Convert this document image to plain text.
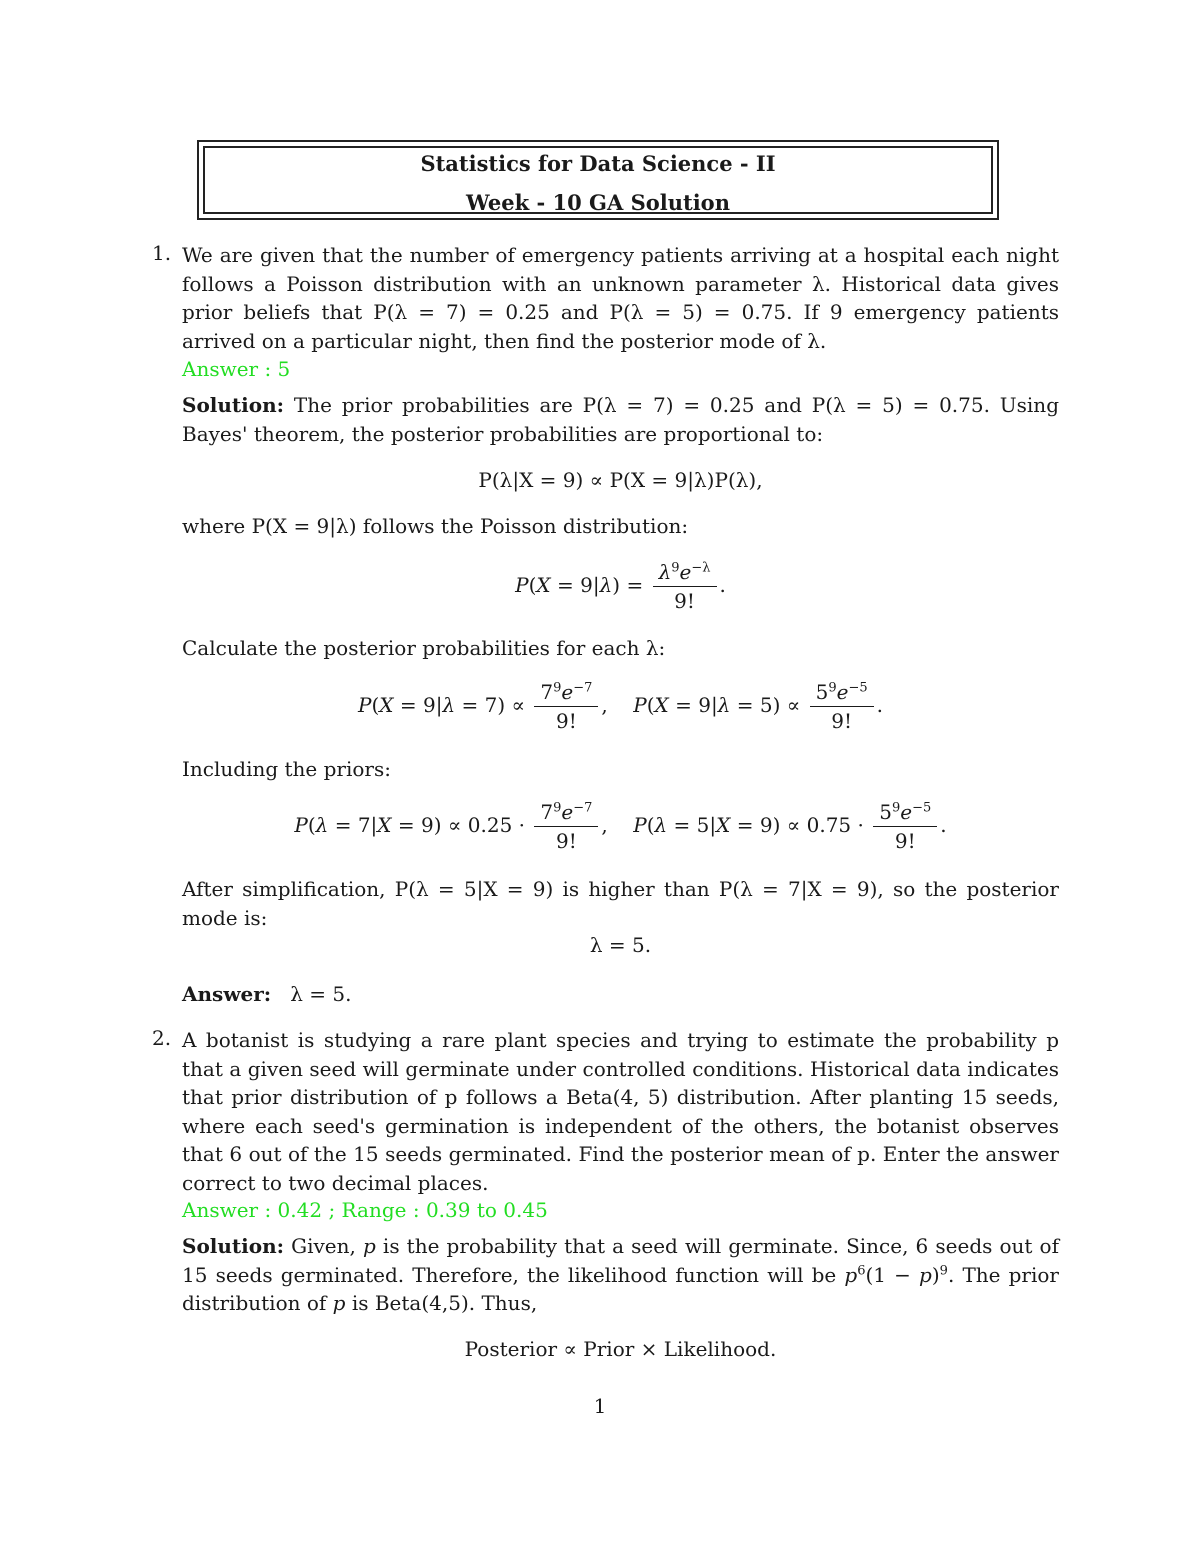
Statistics for Data Science - II
Week - 10 GA Solution
1. We are given that the number of emergency patients arriving at a hospital each night follows a Poisson distribution with an unknown parameter λ. Historical data gives prior beliefs that P(λ = 7) = 0.25 and P(λ = 5) = 0.75. If 9 emergency patients arrived on a particular night, then find the posterior mode of λ.
Answer : 5
Solution: The prior probabilities are P(λ = 7) = 0.25 and P(λ = 5) = 0.75. Using Bayes' theorem, the posterior probabilities are proportional to:
P(λ|X = 9) ∝ P(X = 9|λ)P(λ),
where P(X = 9|λ) follows the Poisson distribution:
$P(X = 9|\lambda) = \frac{\lambda^9e^{-\lambda}}{9!}$ .
Calculate the posterior probabilities for each λ:
$P(X = 9|\lambda = 7) \propto \frac{7^9e^{-7}}{9!}$ ,    $P(X = 9|\lambda = 5) \propto \frac{5^9e^{-5}}{9!}$ .
Including the priors:
$P(\lambda = 7|X = 9) \propto 0.25 \cdot \frac{7^9e^{-7}}{9!}$ ,    $P(\lambda = 5|X = 9) \propto 0.75 \cdot \frac{5^9e^{-5}}{9!}$ .
After simplification, P(λ = 5|X = 9) is higher than P(λ = 7|X = 9), so the posterior mode is:
λ = 5.
Answer: λ = 5.
2. A botanist is studying a rare plant species and trying to estimate the probability p that a given seed will germinate under controlled conditions. Historical data indicates that prior distribution of p follows a Beta(4, 5) distribution. After planting 15 seeds, where each seed's germination is independent of the others, the botanist observes that 6 out of the 15 seeds germinated. Find the posterior mean of p. Enter the answer correct to two decimal places.
Answer : 0.42 ; Range : 0.39 to 0.45
Solution: Given, p is the probability that a seed will germinate. Since, 6 seeds out of 15 seeds germinated. Therefore, the likelihood function will be $p^6(1 - p)^9$. The prior distribution of p is Beta(4,5). Thus,
Posterior ∝ Prior × Likelihood.
1
